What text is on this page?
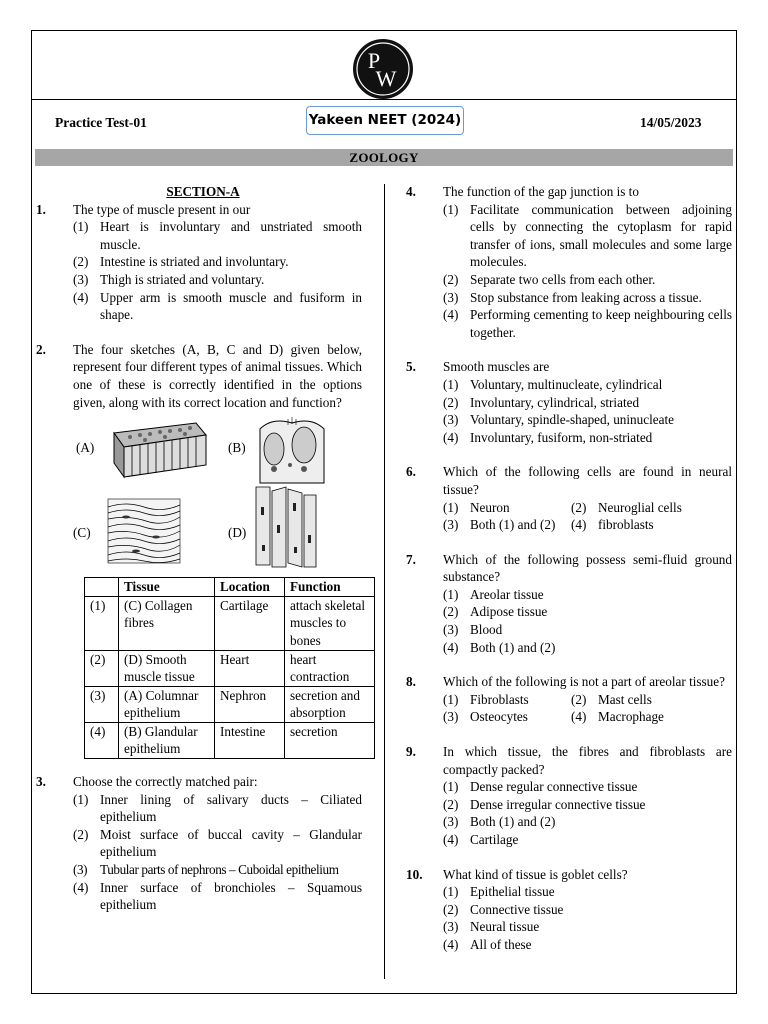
P
W
Practice Test-01	Yakeen NEET (2024)	14/05/2023
ZOOLOGY
SECTION-A
1. The type of muscle present in our
(1) Heart is involuntary and unstriated smooth muscle.
(2) Intestine is striated and involuntary.
(3) Thigh is striated and voluntary.
(4) Upper arm is smooth muscle and fusiform in shape.
2. The four sketches (A, B, C and D) given below, represent four different types of animal tissues. Which one of these is correctly identified in the options given, along with its correct location and function?
(A)	(B)
(C)	(D)
	Tissue	Location	Function
(1)	(C) Collagen fibres	Cartilage	attach skeletal muscles to bones
(2)	(D) Smooth muscle tissue	Heart	heart contraction
(3)	(A) Columnar epithelium	Nephron	secretion and absorption
(4)	(B) Glandular epithelium	Intestine	secretion
3. Choose the correctly matched pair:
(1) Inner lining of salivary ducts – Ciliated epithelium
(2) Moist surface of buccal cavity – Glandular epithelium
(3) Tubular parts of nephrons – Cuboidal epithelium
(4) Inner surface of bronchioles – Squamous epithelium
4. The function of the gap junction is to
(1) Facilitate communication between adjoining cells by connecting the cytoplasm for rapid transfer of ions, small molecules and some large molecules.
(2) Separate two cells from each other.
(3) Stop substance from leaking across a tissue.
(4) Performing cementing to keep neighbouring cells together.
5. Smooth muscles are
(1) Voluntary, multinucleate, cylindrical
(2) Involuntary, cylindrical, striated
(3) Voluntary, spindle-shaped, uninucleate
(4) Involuntary, fusiform, non-striated
6. Which of the following cells are found in neural tissue?
(1) Neuron	(2) Neuroglial cells
(3) Both (1) and (2)	(4) fibroblasts
7. Which of the following possess semi-fluid ground substance?
(1) Areolar tissue
(2) Adipose tissue
(3) Blood
(4) Both (1) and (2)
8. Which of the following is not a part of areolar tissue?
(1) Fibroblasts	(2) Mast cells
(3) Osteocytes	(4) Macrophage
9. In which tissue, the fibres and fibroblasts are compactly packed?
(1) Dense regular connective tissue
(2) Dense irregular connective tissue
(3) Both (1) and (2)
(4) Cartilage
10. What kind of tissue is goblet cells?
(1) Epithelial tissue
(2) Connective tissue
(3) Neural tissue
(4) All of these
